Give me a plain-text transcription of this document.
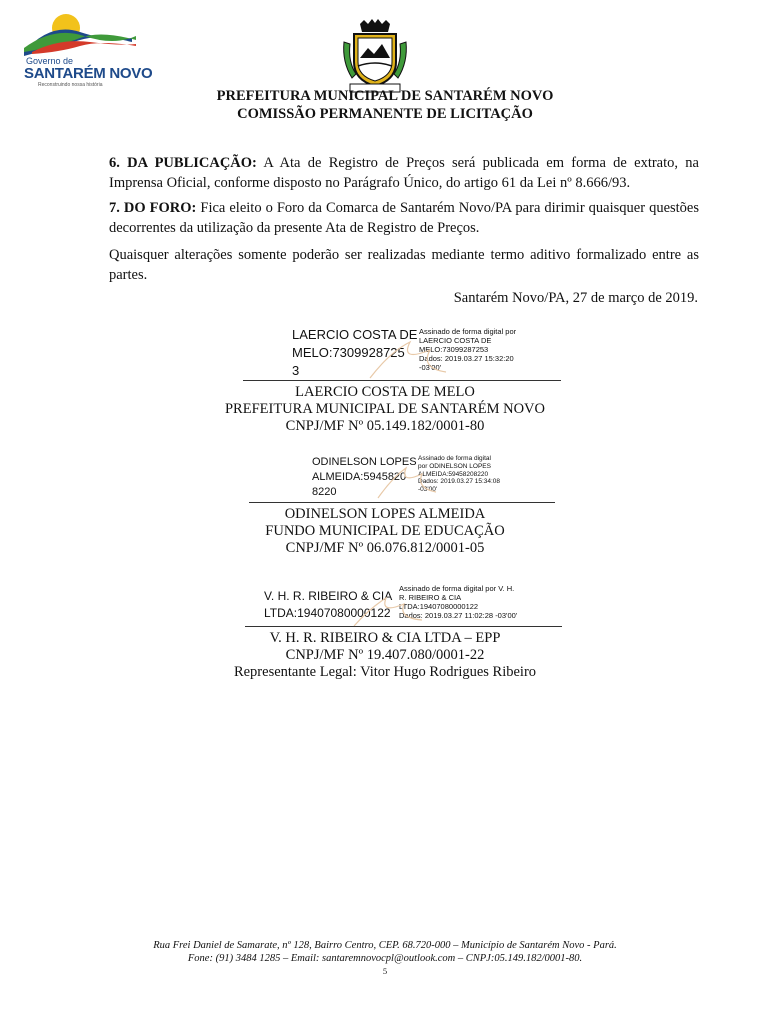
Governo de
SANTARÉM NOVO
Reconstruindo nossa história
PREFEITURA MUNICIPAL DE SANTARÉM NOVO
COMISSÃO PERMANENTE DE LICITAÇÃO
6. DA PUBLICAÇÃO: A Ata de Registro de Preços será publicada em forma de extrato, na Imprensa Oficial, conforme disposto no Parágrafo Único, do artigo 61 da Lei nº 8.666/93.
7. DO FORO: Fica eleito o Foro da Comarca de Santarém Novo/PA para dirimir quaisquer questões decorrentes da utilização da presente Ata de Registro de Preços.
Quaisquer alterações somente poderão ser realizadas mediante termo aditivo formalizado entre as partes.
Santarém Novo/PA, 27 de março de 2019.
LAERCIO COSTA DE
MELO:7309928725
3
Assinado de forma digital por
LAERCIO COSTA DE
MELO:73099287253
Dados: 2019.03.27 15:32:20
-03'00'
LAERCIO COSTA DE MELO
PREFEITURA MUNICIPAL DE SANTARÉM NOVO
CNPJ/MF Nº 05.149.182/0001-80
ODINELSON LOPES
ALMEIDA:5945820
8220
Assinado de forma digital
por ODINELSON LOPES
ALMEIDA:59458208220
Dados: 2019.03.27 15:34:08
-03'00'
ODINELSON LOPES ALMEIDA
FUNDO MUNICIPAL DE EDUCAÇÃO
CNPJ/MF Nº 06.076.812/0001-05
V. H. R. RIBEIRO & CIA
LTDA:19407080000122
Assinado de forma digital por V. H.
R. RIBEIRO & CIA
LTDA:19407080000122
Dados: 2019.03.27 11:02:28 -03'00'
V. H. R. RIBEIRO & CIA LTDA – EPP
CNPJ/MF Nº 19.407.080/0001-22
Representante Legal: Vitor Hugo Rodrigues Ribeiro
Rua Frei Daniel de Samarate, nº 128, Bairro Centro, CEP. 68.720-000 – Município de Santarém Novo - Pará.
Fone: (91) 3484 1285 – Email: santaremnovocpl@outlook.com – CNPJ:05.149.182/0001-80.
5
